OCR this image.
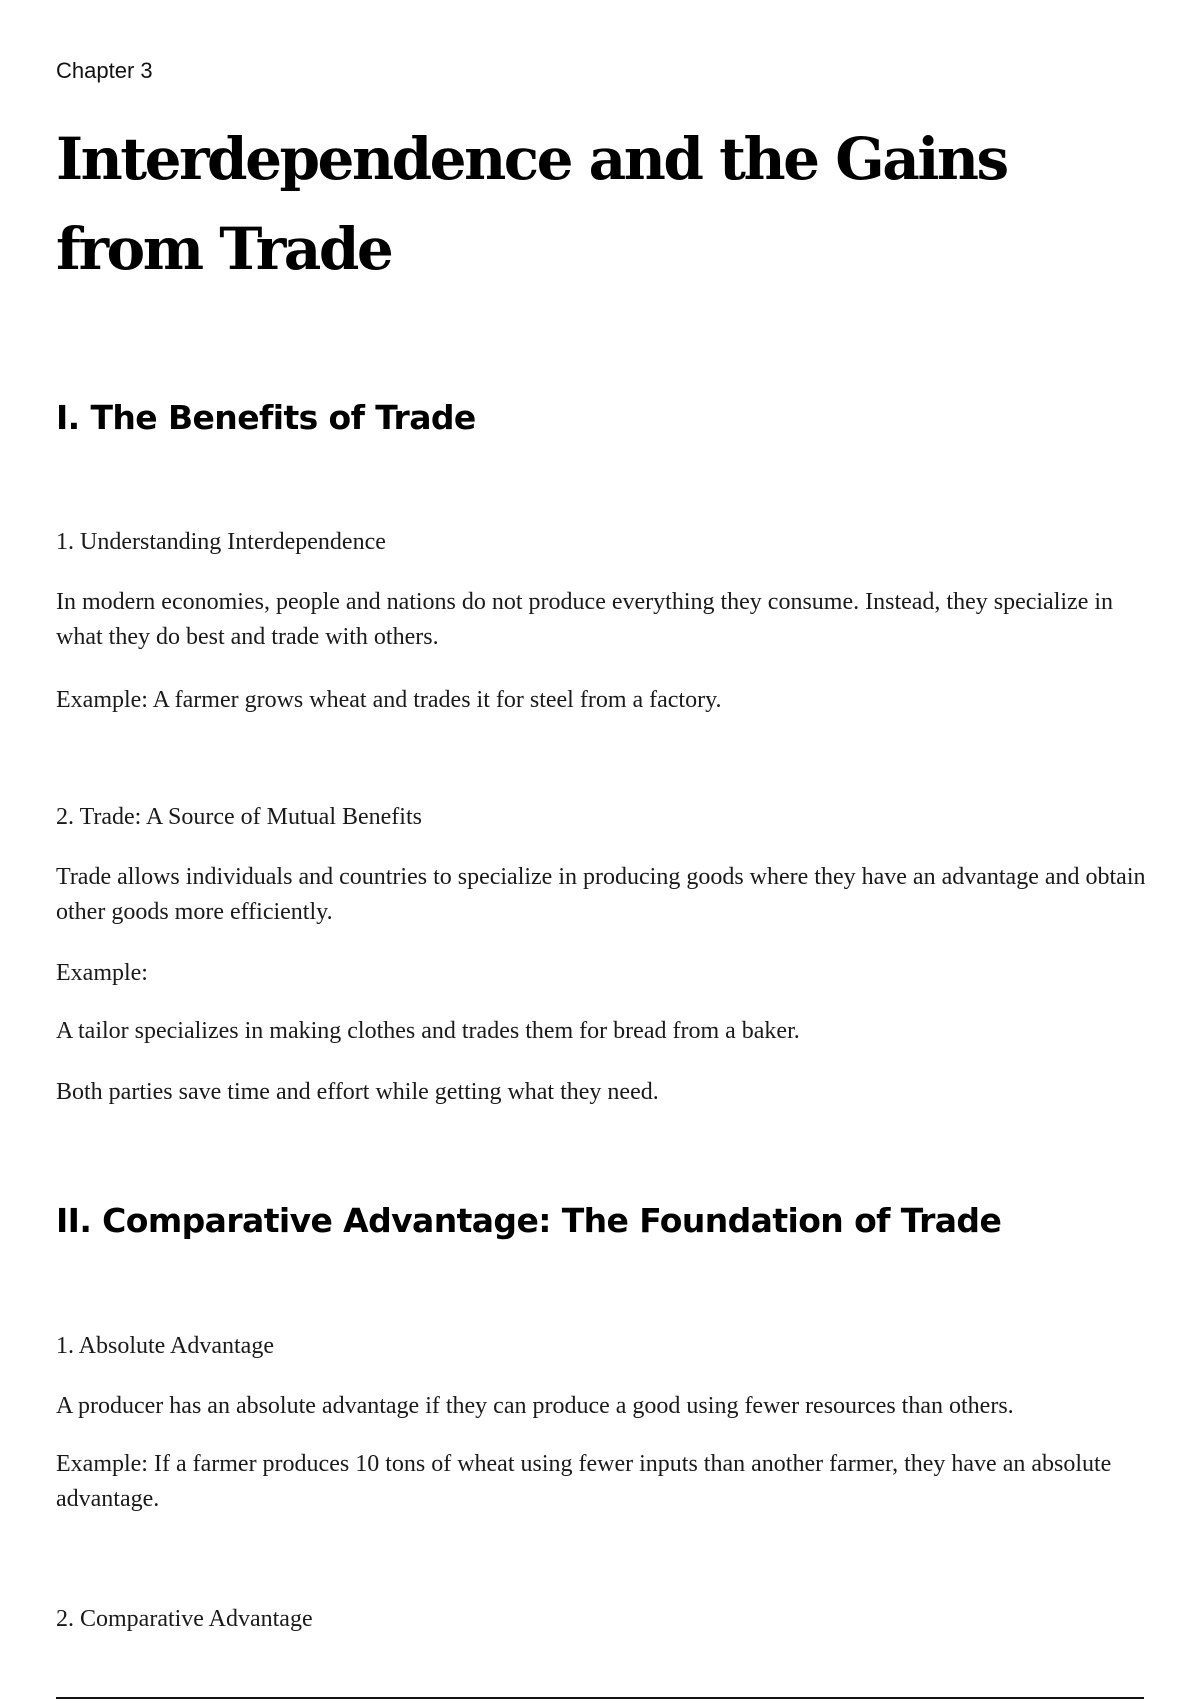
Chapter 3
Interdependence and the Gains from Trade
I. The Benefits of Trade
1. Understanding Interdependence

In modern economies, people and nations do not produce everything they consume. Instead, they specialize in what they do best and trade with others.

Example: A farmer grows wheat and trades it for steel from a factory.

2. Trade: A Source of Mutual Benefits

Trade allows individuals and countries to specialize in producing goods where they have an advantage and obtain other goods more efficiently.

Example:

A tailor specializes in making clothes and trades them for bread from a baker.

Both parties save time and effort while getting what they need.

II. Comparative Advantage: The Foundation of Trade
1. Absolute Advantage

A producer has an absolute advantage if they can produce a good using fewer resources than others.

Example: If a farmer produces 10 tons of wheat using fewer inputs than another farmer, they have an absolute advantage.

2. Comparative Advantage
